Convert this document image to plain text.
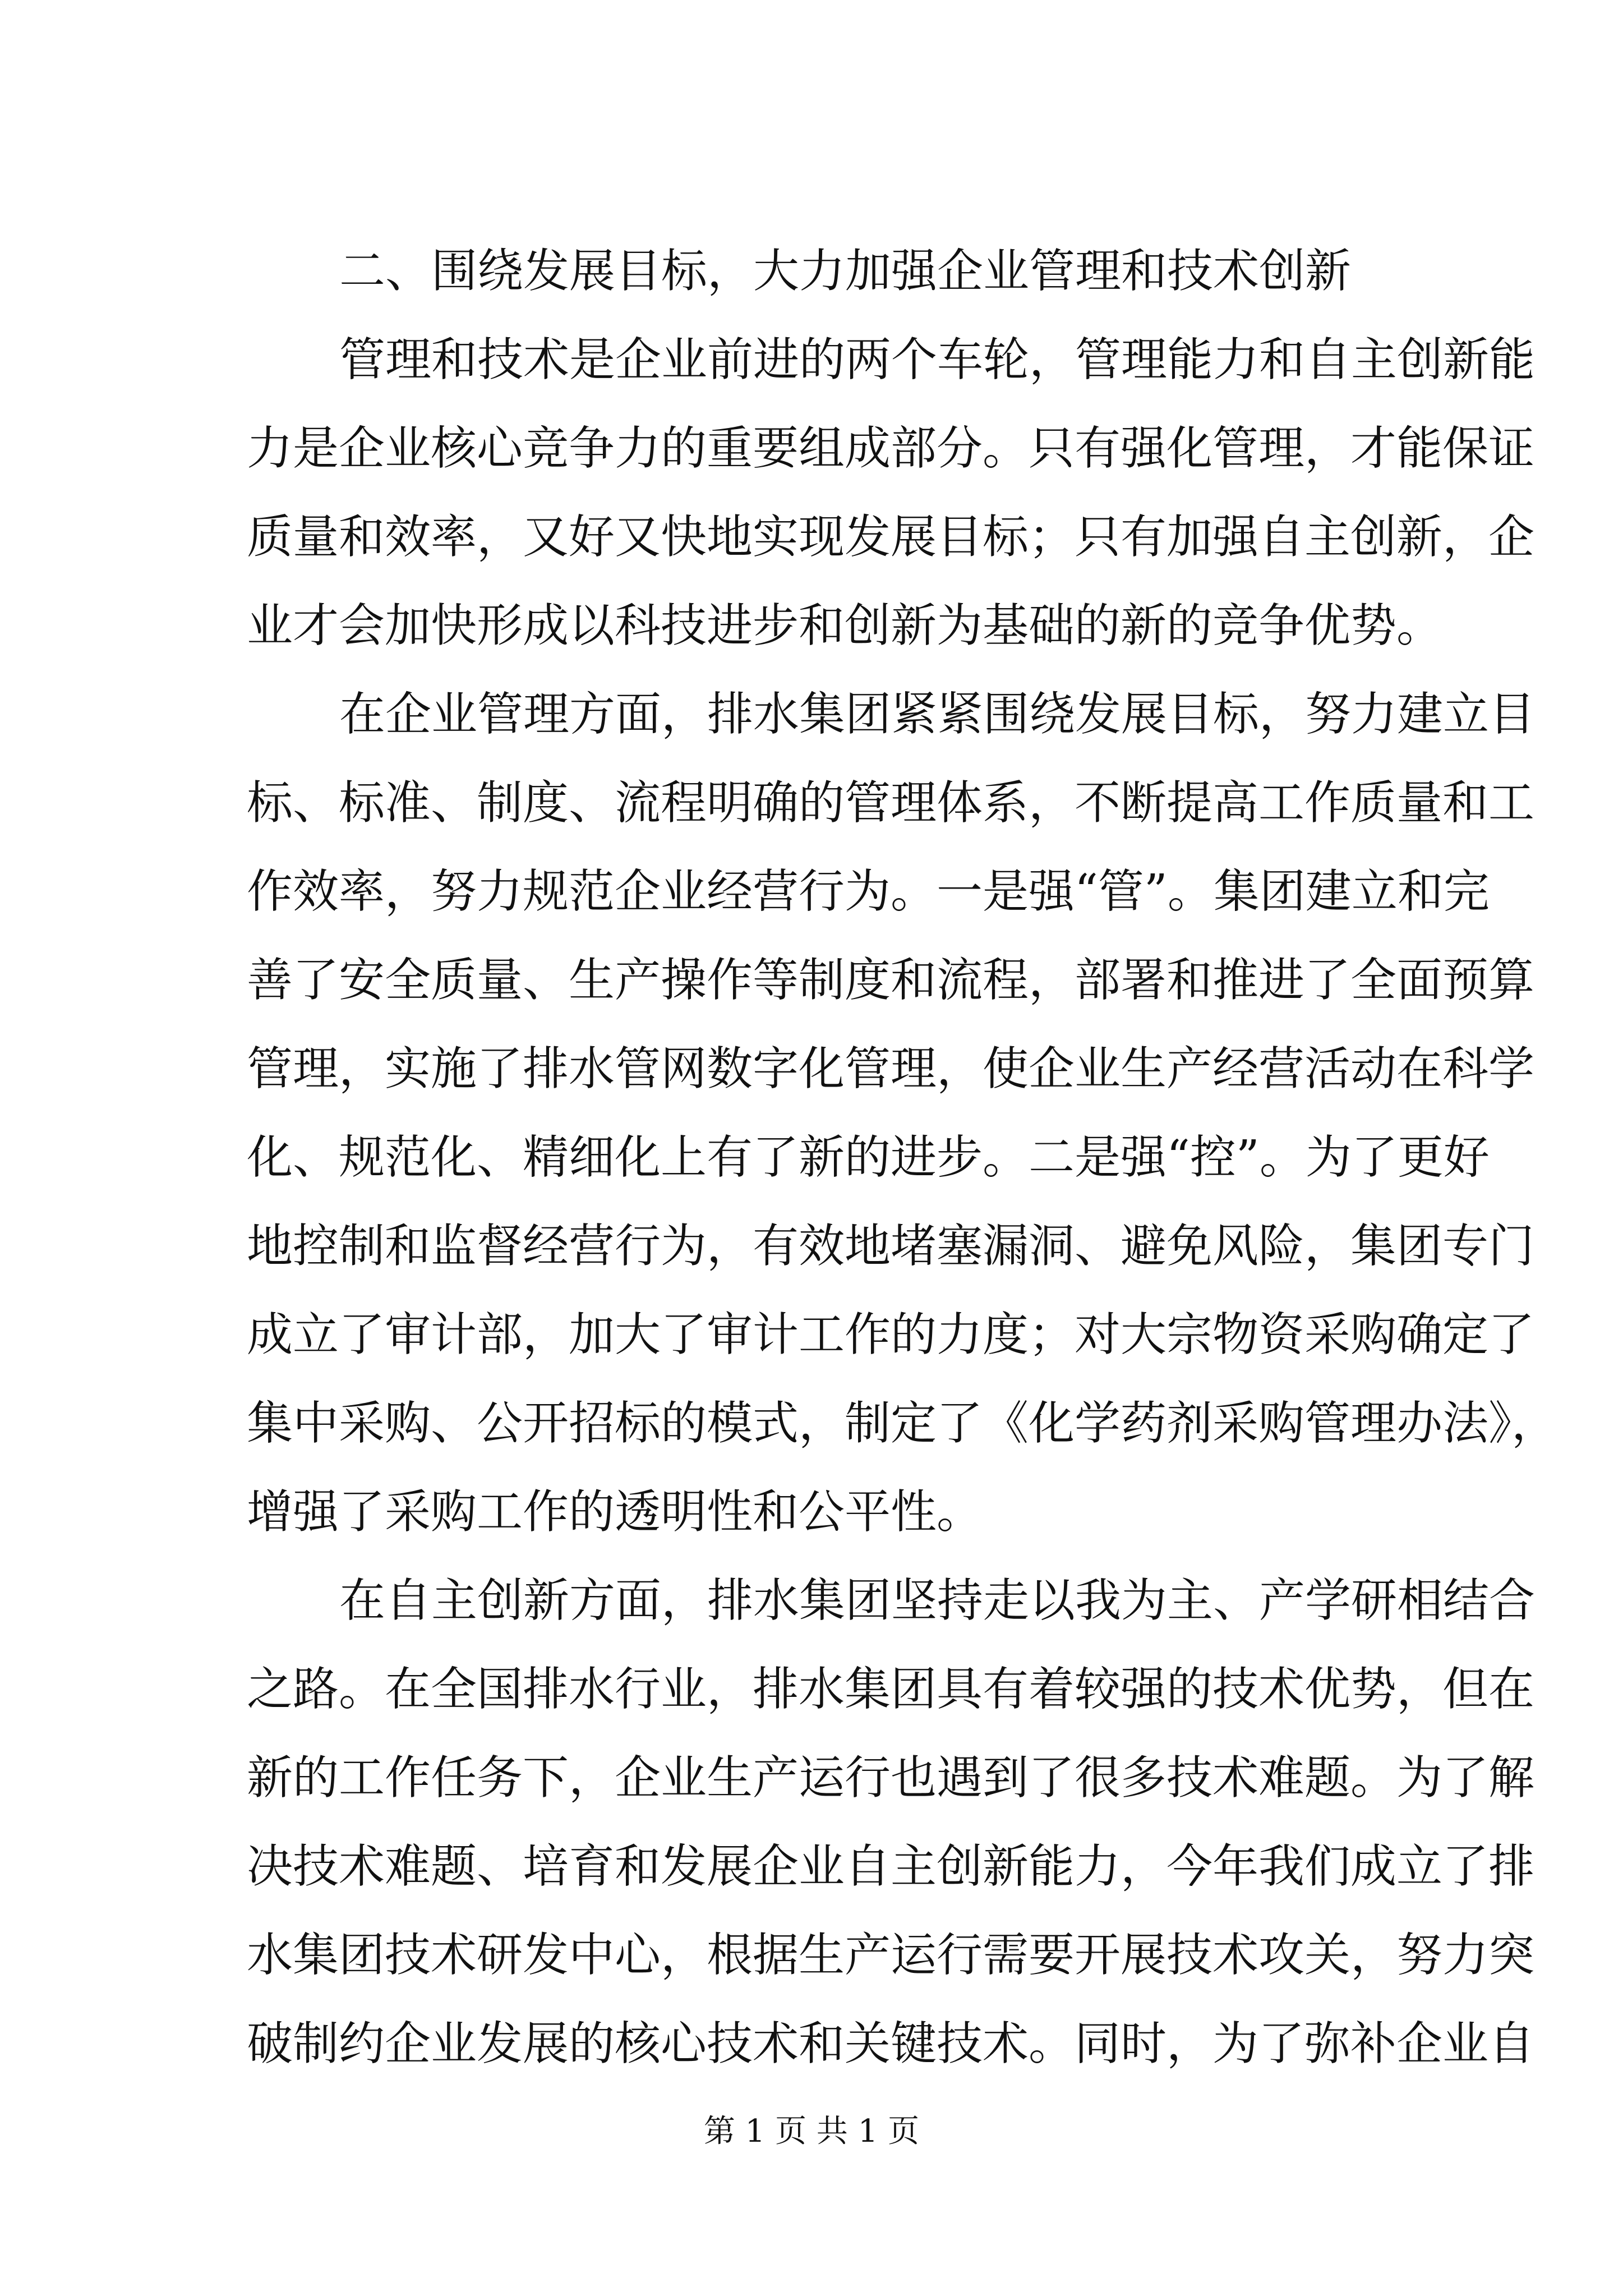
二、围绕发展目标，大力加强企业管理和技术创新
管理和技术是企业前进的两个车轮，管理能力和自主创新能
力是企业核心竞争力的重要组成部分。只有强化管理，才能保证
质量和效率，又好又快地实现发展目标；只有加强自主创新，企
业才会加快形成以科技进步和创新为基础的新的竞争优势。
在企业管理方面，排水集团紧紧围绕发展目标，努力建立目
标、标准、制度、流程明确的管理体系，不断提高工作质量和工
作效率，努力规范企业经营行为。一是强“管”。集团建立和完
善了安全质量、生产操作等制度和流程，部署和推进了全面预算
管理，实施了排水管网数字化管理，使企业生产经营活动在科学
化、规范化、精细化上有了新的进步。二是强“控”。为了更好
地控制和监督经营行为，有效地堵塞漏洞、避免风险，集团专门
成立了审计部，加大了审计工作的力度；对大宗物资采购确定了
集中采购、公开招标的模式，制定了《化学药剂采购管理办法》，
增强了采购工作的透明性和公平性。
在自主创新方面，排水集团坚持走以我为主、产学研相结合
之路。在全国排水行业，排水集团具有着较强的技术优势，但在
新的工作任务下，企业生产运行也遇到了很多技术难题。为了解
决技术难题、培育和发展企业自主创新能力，今年我们成立了排
水集团技术研发中心，根据生产运行需要开展技术攻关，努力突
破制约企业发展的核心技术和关键技术。同时，为了弥补企业自
第 1 页 共 1 页
